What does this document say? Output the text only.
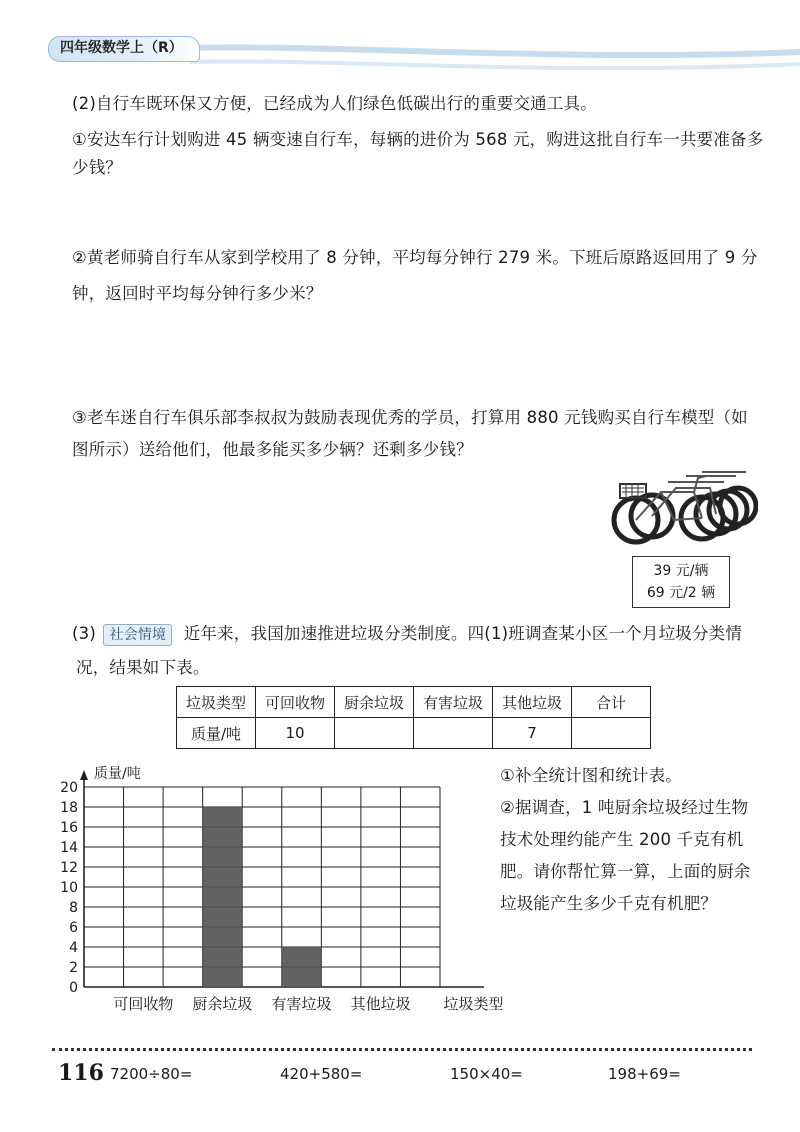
四年级数学上（R）
(2)自行车既环保又方便，已经成为人们绿色低碳出行的重要交通工具。
①安达车行计划购进 45 辆变速自行车，每辆的进价为 568 元，购进这批自行车一共要准备多
少钱？
②黄老师骑自行车从家到学校用了 8 分钟，平均每分钟行 279 米。下班后原路返回用了 9 分
钟，返回时平均每分钟行多少米？
③老车迷自行车俱乐部李叔叔为鼓励表现优秀的学员，打算用 880 元钱购买自行车模型（如
图所示）送给他们，他最多能买多少辆？还剩多少钱？
39 元/辆
69 元/2 辆
(3) 社会情境 近年来，我国加速推进垃圾分类制度。四(1)班调查某小区一个月垃圾分类情
况，结果如下表。
垃圾类型	可回收物	厨余垃圾	有害垃圾	其他垃圾	合计
质量/吨	10			7	
0
2
4
6
8
10
12
14
16
18
20
质量/吨
可回收物 厨余垃圾 有害垃圾 其他垃圾 垃圾类型
①补全统计图和统计表。
②据调查，1 吨厨余垃圾经过生物
技术处理约能产生 200 千克有机
肥。请你帮忙算一算，上面的厨余
垃圾能产生多少千克有机肥？
116 7200÷80=	420+580=	150×40=	198+69=
